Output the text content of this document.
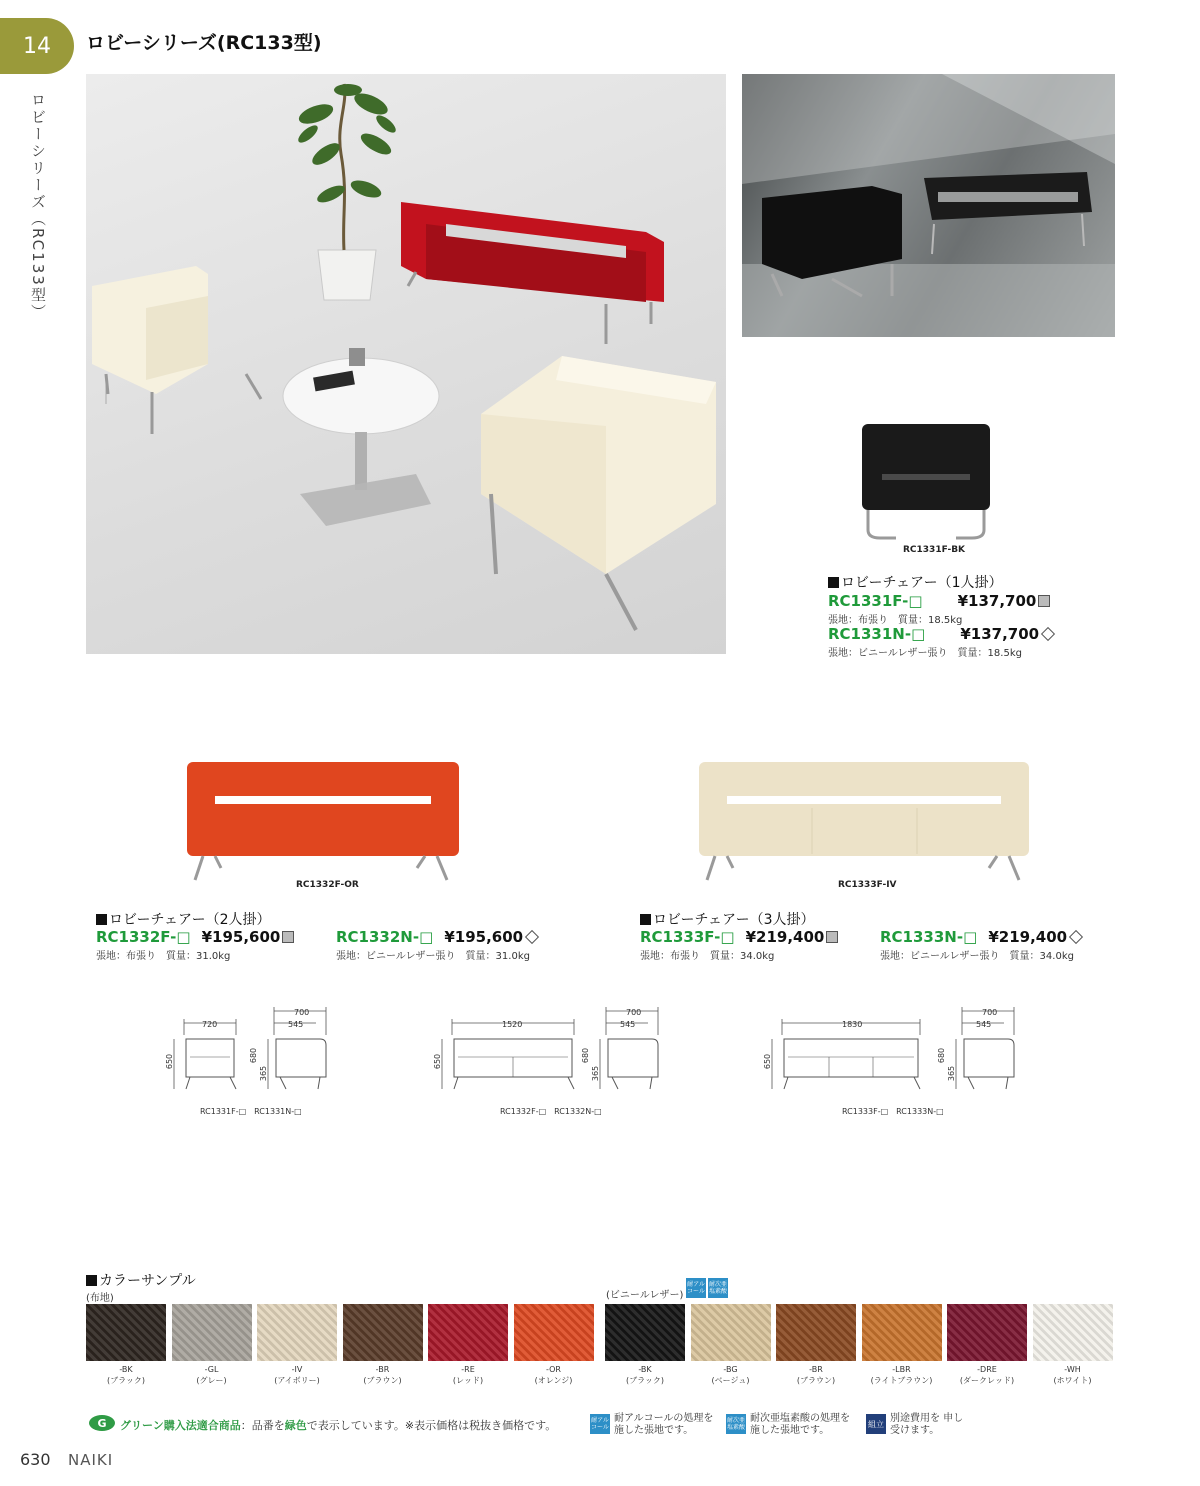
14	ロビーシリーズ(RC133型)
ロビーシリーズ（RC133型）
RC1331F-BK
ロビーチェアー（1人掛）
RC1331F-□ ¥137,700
張地：布張り　質量：18.5kg
RC1331N-□ ¥137,700
張地：ビニールレザー張り　質量：18.5kg
RC1332F-OR	RC1333F-IV
ロビーチェアー（2人掛）
RC1332F-□ ¥195,600
張地：布張り　質量：31.0kg
RC1332N-□ ¥195,600
張地：ビニールレザー張り　質量：31.0kg
ロビーチェアー（3人掛）
RC1333F-□ ¥219,400
張地：布張り　質量：34.0kg
RC1333N-□ ¥219,400
張地：ビニールレザー張り　質量：34.0kg
720
700
545
650	680
365
RC1331F-□　RC1331N-□
1520
700
545
650	680
365
RC1332F-□　RC1332N-□
1830
700
545
650	680
365
RC1333F-□　RC1333N-□
カラーサンプル
(布地)	(ビニールレザー)
耐アル コール
耐次亜 塩素酸
-BK
(ブラック)
-GL
(グレー)
-IV
(アイボリー)
-BR
(ブラウン)
-RE
(レッド)
-OR
(オレンジ)
-BK
(ブラック)
-BG
(ベージュ)
-BR
(ブラウン)
-LBR
(ライトブラウン)
-DRE
(ダークレッド)
-WH
(ホワイト)
G グリーン購入法適合商品：品番を緑色で表示しています。※表示価格は税抜き価格です。	耐アル コール
耐アルコールの処理を 施した張地です。
耐次亜 塩素酸
耐次亜塩素酸の処理を 施した張地です。
組立 別途費用を 申し受けます。
630 NAIKI
